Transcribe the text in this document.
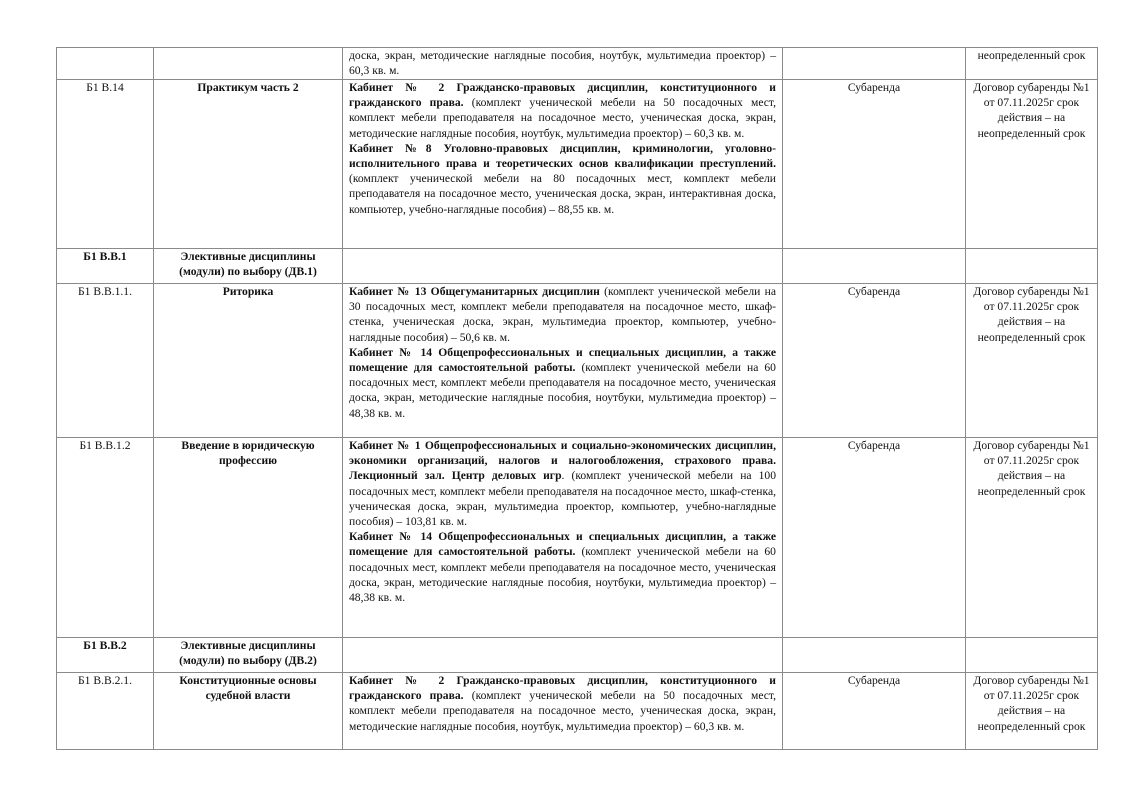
		доска, экран, методические наглядные пособия, ноутбук, мультимедиа проектор) – 60,3 кв. м.		неопределенный срок
Б1 В.14	Практикум часть 2	Кабинет № 2 Гражданско-правовых дисциплин, конституционного и гражданского права. (комплект ученической мебели на 50 посадочных мест, комплект мебели преподавателя на посадочное место, ученическая доска, экран, методические наглядные пособия, ноутбук, мультимедиа проектор) – 60,3 кв. м.
Кабинет №8 Уголовно-правовых дисциплин, криминологии, уголовно-исполнительного права и теоретических основ квалификации преступлений. (комплект ученической мебели на 80 посадочных мест, комплект мебели преподавателя на посадочное место, ученическая доска, экран, интерактивная доска, компьютер, учебно-наглядные пособия) – 88,55 кв. м.	Субаренда	Договор субаренды №1 от 07.11.2025г срок действия – на неопределенный срок
Б1 В.В.1	Элективные дисциплины (модули) по выбору (ДВ.1)			
Б1 В.В.1.1.	Риторика	Кабинет № 13 Общегуманитарных дисциплин (комплект ученической мебели на 30 посадочных мест, комплект мебели преподавателя на посадочное место, шкаф-стенка, ученическая доска, экран, мультимедиа проектор, компьютер, учебно-наглядные пособия) – 50,6 кв. м.
Кабинет № 14 Общепрофессиональных и специальных дисциплин, а также помещение для самостоятельной работы. (комплект ученической мебели на 60 посадочных мест, комплект мебели преподавателя на посадочное место, ученическая доска, экран, методические наглядные пособия, ноутбуки, мультимедиа проектор) – 48,38 кв. м.	Субаренда	Договор субаренды №1 от 07.11.2025г срок действия – на неопределенный срок
Б1 В.В.1.2	Введение в юридическую профессию	Кабинет № 1 Общепрофессиональных и социально-экономических дисциплин, экономики организаций, налогов и налогообложения, страхового права. Лекционный зал. Центр деловых игр. (комплект ученической мебели на 100 посадочных мест, комплект мебели преподавателя на посадочное место, шкаф-стенка, ученическая доска, экран, мультимедиа проектор, компьютер, учебно-наглядные пособия) – 103,81 кв. м.
Кабинет № 14 Общепрофессиональных и специальных дисциплин, а также помещение для самостоятельной работы. (комплект ученической мебели на 60 посадочных мест, комплект мебели преподавателя на посадочное место, ученическая доска, экран, методические наглядные пособия, ноутбуки, мультимедиа проектор) – 48,38 кв. м.	Субаренда	Договор субаренды №1 от 07.11.2025г срок действия – на неопределенный срок
Б1 В.В.2	Элективные дисциплины (модули) по выбору (ДВ.2)			
Б1 В.В.2.1.	Конституционные основы судебной власти	Кабинет № 2 Гражданско-правовых дисциплин, конституционного и гражданского права. (комплект ученической мебели на 50 посадочных мест, комплект мебели преподавателя на посадочное место, ученическая доска, экран, методические наглядные пособия, ноутбук, мультимедиа проектор) – 60,3 кв. м.	Субаренда	Договор субаренды №1 от 07.11.2025г срок действия – на неопределенный срок
